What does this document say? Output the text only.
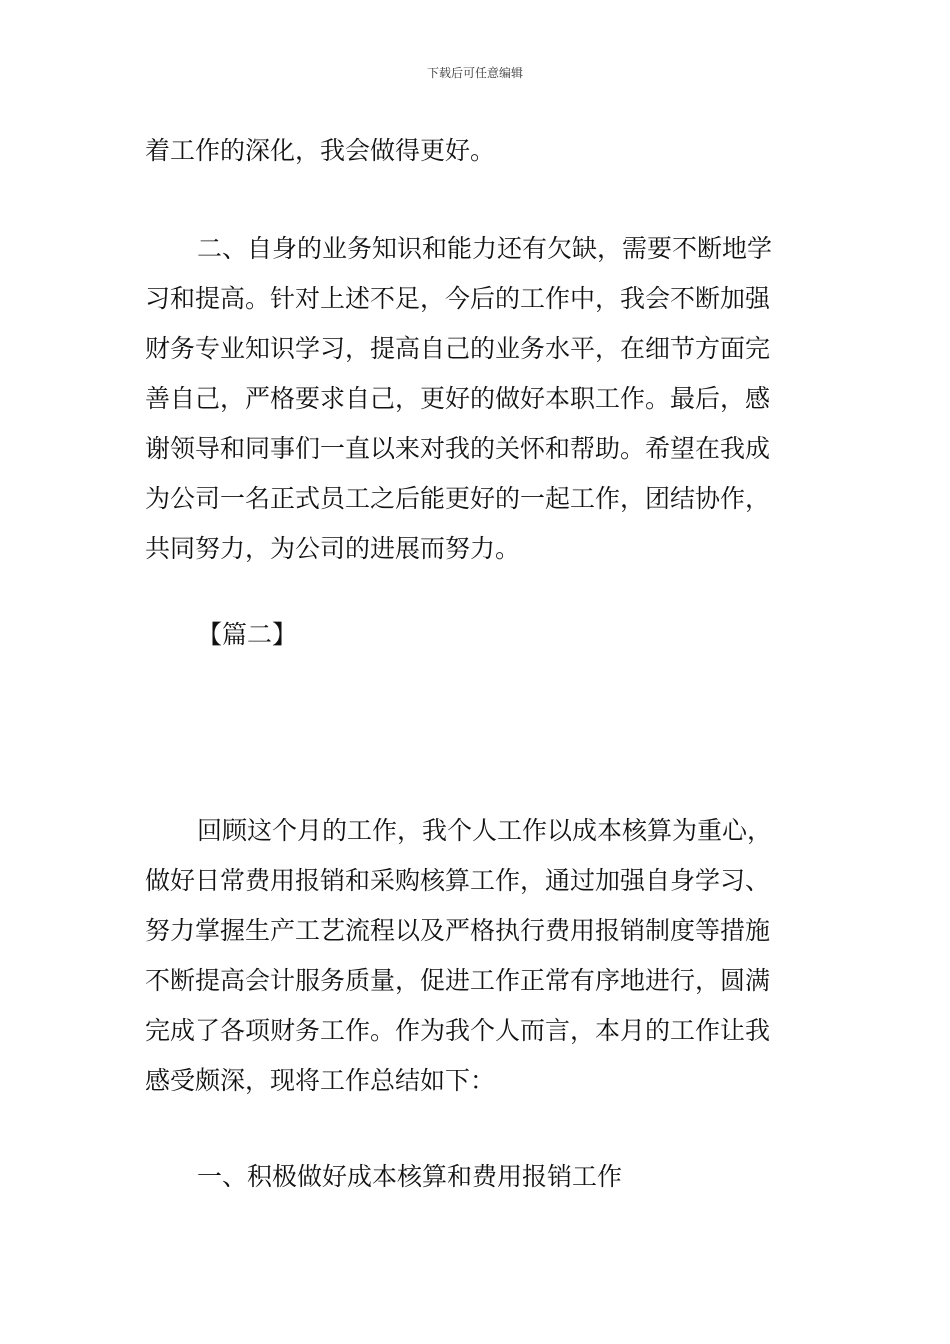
下载后可任意编辑
着工作的深化，我会做得更好。
二、自身的业务知识和能力还有欠缺，需要不断地学
习和提高。针对上述不足，今后的工作中，我会不断加强
财务专业知识学习，提高自己的业务水平，在细节方面完
善自己，严格要求自己，更好的做好本职工作。最后，感
谢领导和同事们一直以来对我的关怀和帮助。希望在我成
为公司一名正式员工之后能更好的一起工作，团结协作，
共同努力，为公司的进展而努力。
【篇二】
回顾这个月的工作，我个人工作以成本核算为重心，
做好日常费用报销和采购核算工作，通过加强自身学习、
努力掌握生产工艺流程以及严格执行费用报销制度等措施
不断提高会计服务质量，促进工作正常有序地进行，圆满
完成了各项财务工作。作为我个人而言，本月的工作让我
感受颇深，现将工作总结如下：
一、积极做好成本核算和费用报销工作
